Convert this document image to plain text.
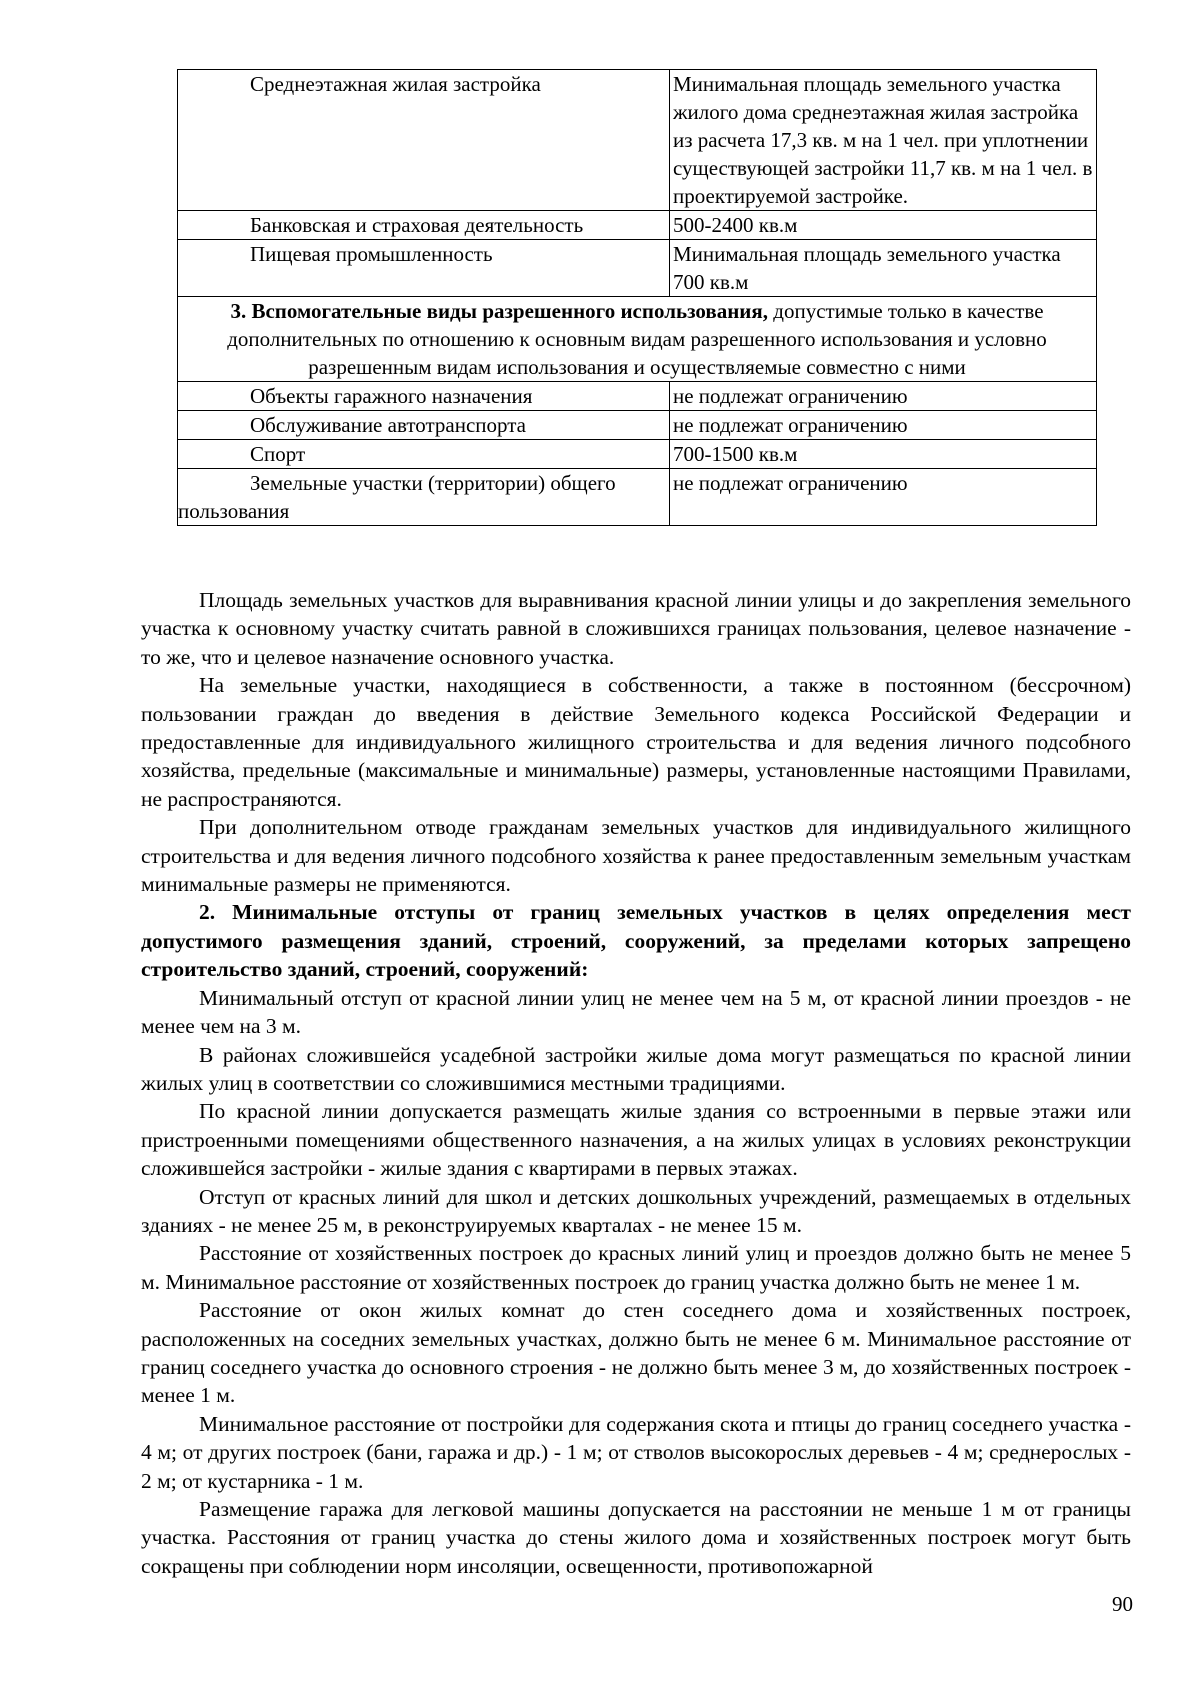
Среднеэтажная жилая застройка	Минимальная площадь земельного участка жилого дома среднеэтажная жилая застройка из расчета 17,3 кв. м на 1 чел. при уплотнении существующей застройки 11,7 кв. м на 1 чел. в проектируемой застройке.

Банковская и страховая деятельность	500-2400 кв.м

Пищевая промышленность	Минимальная площадь земельного участка 700 кв.м
3. Вспомогательные виды разрешенного использования, допустимые только в качестве дополнительных по отношению к основным видам разрешенного использования и условно разрешенным видам использования и осуществляемые совместно с ними	

Объекты гаражного назначения	не подлежат ограничению

Обслуживание автотранспорта	не подлежат ограничению

Спорт	700-1500 кв.м

Земельные участки (территории) общего пользования	не подлежат ограничению

Площадь земельных участков для выравнивания красной линии улицы и до закрепления земельного участка к основному участку считать равной в сложившихся границах пользования, целевое назначение - то же, что и целевое назначение основного участка.

На земельные участки, находящиеся в собственности, а также в постоянном (бессрочном) пользовании граждан до введения в действие Земельного кодекса Российской Федерации и предоставленные для индивидуального жилищного строительства и для ведения личного подсобного хозяйства, предельные (максимальные и минимальные) размеры, установленные настоящими Правилами, не распространяются.

При дополнительном отводе гражданам земельных участков для индивидуального жилищного строительства и для ведения личного подсобного хозяйства к ранее предоставленным земельным участкам минимальные размеры не применяются.

2. Минимальные отступы от границ земельных участков в целях определения мест допустимого размещения зданий, строений, сооружений, за пределами которых запрещено строительство зданий, строений, сооружений:

Минимальный отступ от красной линии улиц не менее чем на 5 м, от красной линии проездов - не менее чем на 3 м.

В районах сложившейся усадебной застройки жилые дома могут размещаться по красной линии жилых улиц в соответствии со сложившимися местными традициями.

По красной линии допускается размещать жилые здания со встроенными в первые этажи или пристроенными помещениями общественного назначения, а на жилых улицах в условиях реконструкции сложившейся застройки - жилые здания с квартирами в первых этажах.

Отступ от красных линий для школ и детских дошкольных учреждений, размещаемых в отдельных зданиях - не менее 25 м, в реконструируемых кварталах - не менее 15 м.

Расстояние от хозяйственных построек до красных линий улиц и проездов должно быть не менее 5 м. Минимальное расстояние от хозяйственных построек до границ участка должно быть не менее 1 м.

Расстояние от окон жилых комнат до стен соседнего дома и хозяйственных построек, расположенных на соседних земельных участках, должно быть не менее 6 м. Минимальное расстояние от границ соседнего участка до основного строения - не должно быть менее 3 м, до хозяйственных построек - менее 1 м.

Минимальное расстояние от постройки для содержания скота и птицы до границ соседнего участка - 4 м; от других построек (бани, гаража и др.) - 1 м; от стволов высокорослых деревьев - 4 м; среднерослых - 2 м; от кустарника - 1 м.

Размещение гаража для легковой машины допускается на расстоянии не меньше 1 м от границы участка. Расстояния от границ участка до стены жилого дома и хозяйственных построек могут быть сокращены при соблюдении норм инсоляции, освещенности, противопожарной

90
